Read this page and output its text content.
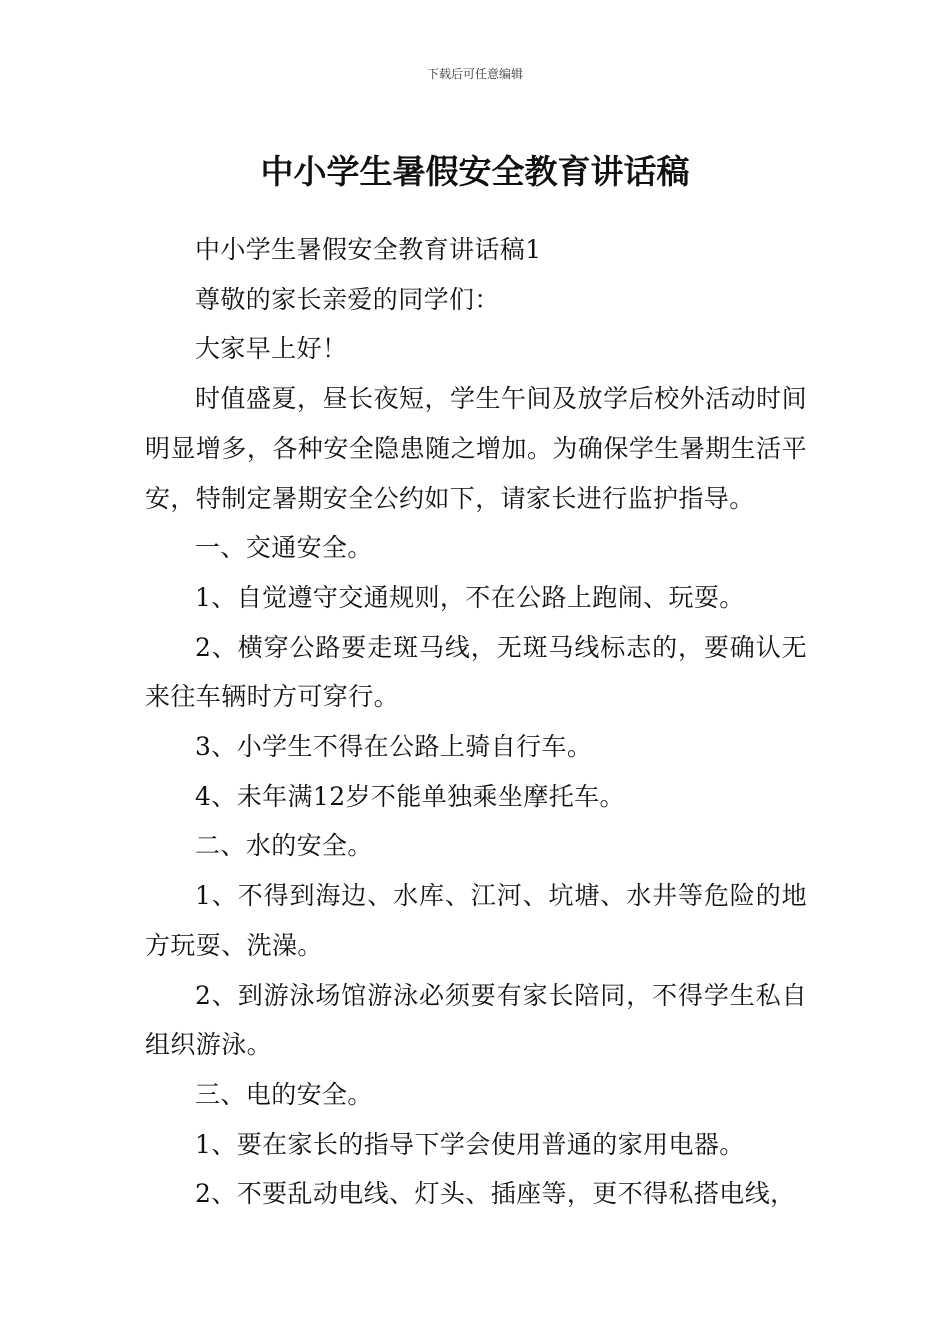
下载后可任意编辑
中小学生暑假安全教育讲话稿

中小学生暑假安全教育讲话稿1

尊敬的家长亲爱的同学们：

大家早上好！

时值盛夏，昼长夜短，学生午间及放学后校外活动时间明显增多，各种安全隐患随之增加。为确保学生暑期生活平安，特制定暑期安全公约如下，请家长进行监护指导。

一、交通安全。

1、自觉遵守交通规则，不在公路上跑闹、玩耍。

2、横穿公路要走斑马线，无斑马线标志的，要确认无来往车辆时方可穿行。

3、小学生不得在公路上骑自行车。

4、未年满12岁不能单独乘坐摩托车。

二、水的安全。

1、不得到海边、水库、江河、坑塘、水井等危险的地方玩耍、洗澡。

2、到游泳场馆游泳必须要有家长陪同，不得学生私自组织游泳。

三、电的安全。

1、要在家长的指导下学会使用普通的家用电器。

2、不要乱动电线、灯头、插座等，更不得私搭电线，
